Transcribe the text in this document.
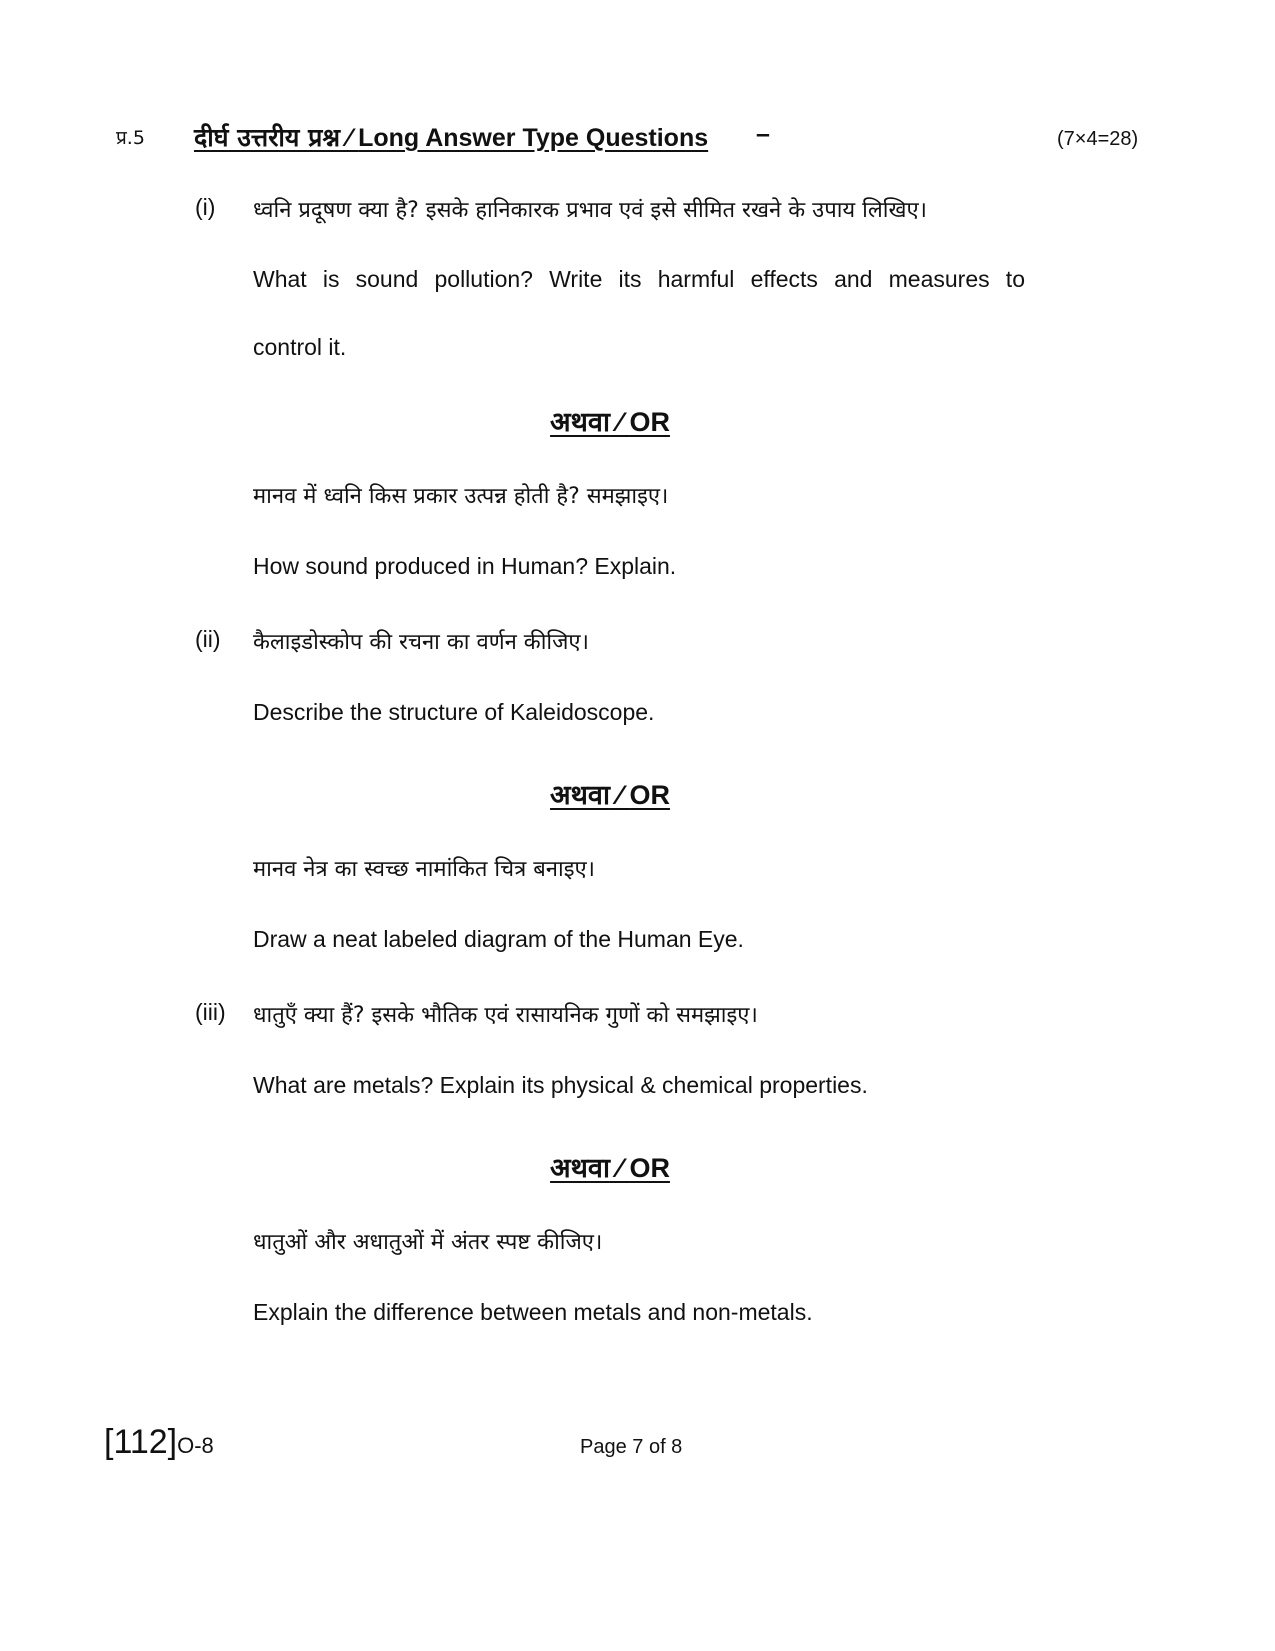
प्र.5 दीर्घ उत्तरीय प्रश्न ⁄ Long Answer Type Questions –	(7×4=28)
(i) ध्वनि प्रदूषण क्या है? इसके हानिकारक प्रभाव एवं इसे सीमित रखने के उपाय लिखिए।
What is sound pollution? Write its harmful effects and measures to
control it.
अथवा ⁄ OR
मानव में ध्वनि किस प्रकार उत्पन्न होती है? समझाइए।
How sound produced in Human? Explain.
(ii) कैलाइडोस्कोप की रचना का वर्णन कीजिए।
Describe the structure of Kaleidoscope.
अथवा ⁄ OR
मानव नेत्र का स्वच्छ नामांकित चित्र बनाइए।
Draw a neat labeled diagram of the Human Eye.
(iii) धातुएँ क्या हैं? इसके भौतिक एवं रासायनिक गुणों को समझाइए।
What are metals? Explain its physical & chemical properties.
अथवा ⁄ OR
धातुओं और अधातुओं में अंतर स्पष्ट कीजिए।
Explain the difference between metals and non-metals.
[112]O-8	Page 7 of 8
